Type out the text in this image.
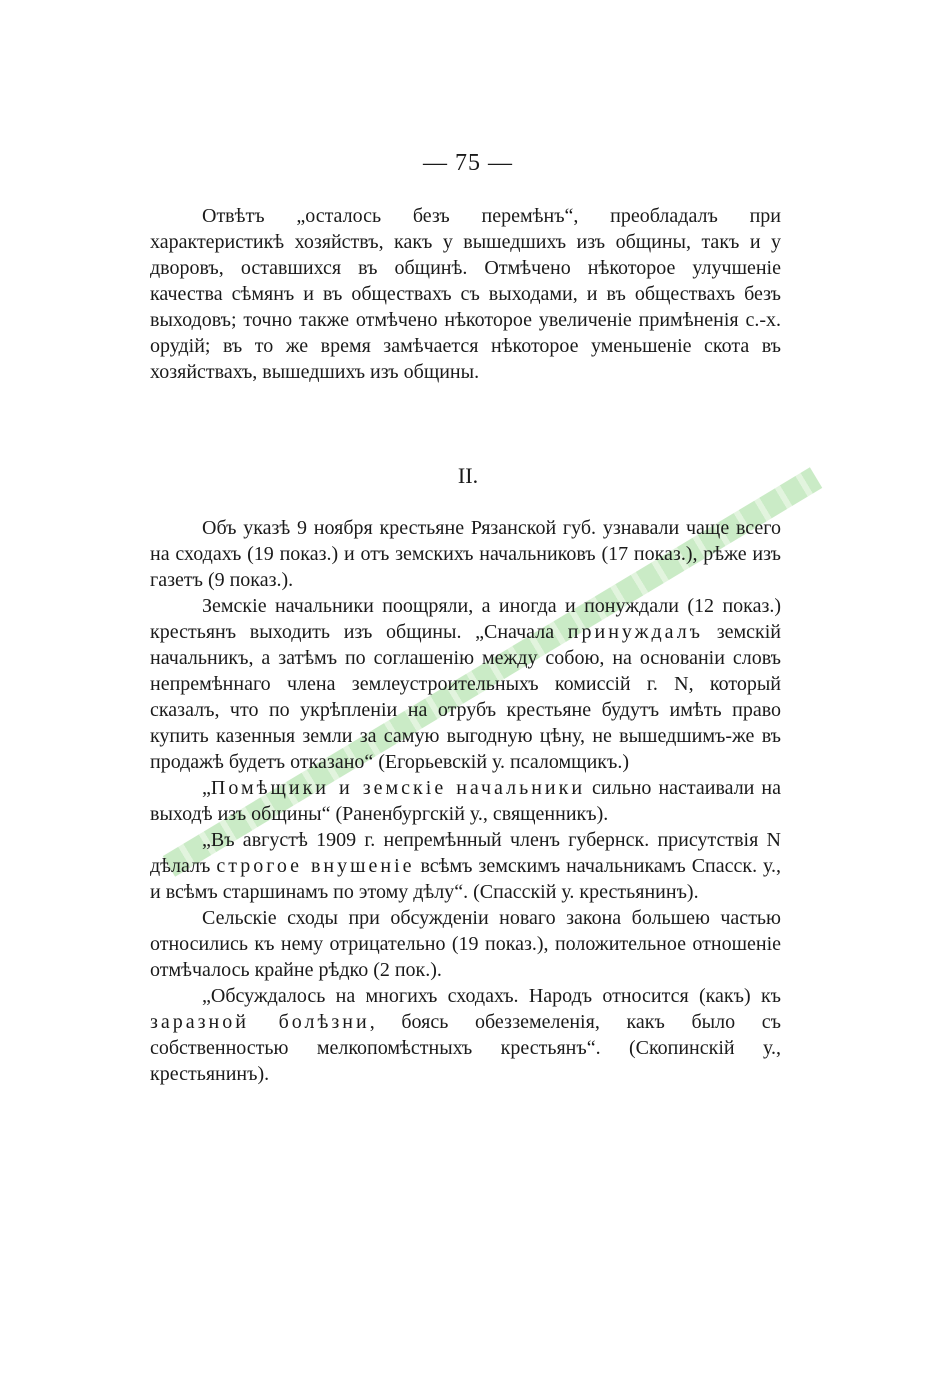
— 75 —

Отвѣтъ „осталось безъ перемѣнъ“, преобладалъ при характеристикѣ хозяйствъ, какъ у вышедшихъ изъ общины, такъ и у дворовъ, оставшихся въ общинѣ. Отмѣчено нѣкоторое улучшеніе качества сѣмянъ и въ обществахъ съ выходами, и въ обществахъ безъ выходовъ; точно также отмѣчено нѣкоторое увеличеніе примѣненія с.-х. орудій; въ то же время замѣчается нѣкоторое уменьшеніе скота въ хозяйствахъ, вышедшихъ изъ общины.

II.

Объ указѣ 9 ноября крестьяне Рязанской губ. узнавали чаще всего на сходахъ (19 показ.) и отъ земскихъ начальниковъ (17 показ.), рѣже изъ газетъ (9 показ.).

Земскіе начальники поощряли, а иногда и понуждали (12 показ.) крестьянъ выходить изъ общины. „Сначала принуждалъ земскій начальникъ, а затѣмъ по соглашенію между собою, на основаніи словъ непремѣннаго члена землеустроительныхъ комиссій г. N, который сказалъ, что по укрѣпленіи на отрубъ крестьяне будутъ имѣть право купить казенныя земли за самую выгодную цѣну, не вышедшимъ-же въ продажѣ будетъ отказано“ (Егорьевскій у. псаломщикъ.)

„Помѣщики и земскіе начальники сильно настаивали на выходѣ изъ общины“ (Раненбургскій у., священникъ).

„Въ августѣ 1909 г. непремѣнный членъ губернск. присутствія N дѣлалъ строгое внушеніе всѣмъ земскимъ начальникамъ Спасск. у., и всѣмъ старшинамъ по этому дѣлу“. (Спасскій у. крестьянинъ).

Сельскіе сходы при обсужденіи новаго закона большею частью относились къ нему отрицательно (19 показ.), положительное отношеніе отмѣчалось крайне рѣдко (2 пок.).

„Обсуждалось на многихъ сходахъ. Народъ относится (какъ) къ заразной болѣзни, боясь обезземеленія, какъ было съ собственностью мелкопомѣстныхъ крестьянъ“. (Скопинскій у., крестьянинъ).
